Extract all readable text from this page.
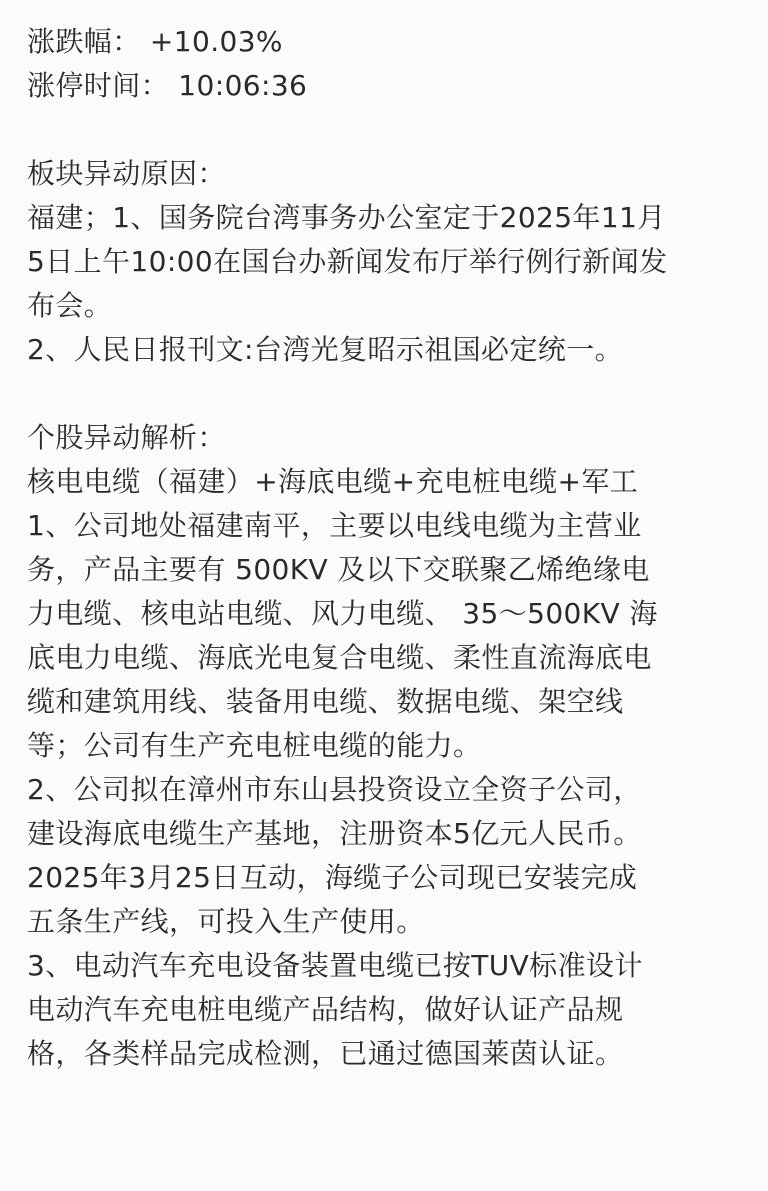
涨跌幅： +10.03%
涨停时间： 10:06:36
板块异动原因：
福建；1、国务院台湾事务办公室定于2025年11月
5日上午10:00在国台办新闻发布厅举行例行新闻发
布会。
2、人民日报刊文:台湾光复昭示祖国必定统一。
个股异动解析：
核电电缆（福建）+海底电缆+充电桩电缆+军工
1、公司地处福建南平，主要以电线电缆为主营业
务，产品主要有 500KV 及以下交联聚乙烯绝缘电
力电缆、核电站电缆、风力电缆、 35～500KV 海
底电力电缆、海底光电复合电缆、柔性直流海底电
缆和建筑用线、装备用电缆、数据电缆、架空线
等；公司有生产充电桩电缆的能力。
2、公司拟在漳州市东山县投资设立全资子公司，
建设海底电缆生产基地，注册资本5亿元人民币。
2025年3月25日互动，海缆子公司现已安装完成
五条生产线，可投入生产使用。
3、电动汽车充电设备装置电缆已按TUV标准设计
电动汽车充电桩电缆产品结构，做好认证产品规
格，各类样品完成检测，已通过德国莱茵认证。
